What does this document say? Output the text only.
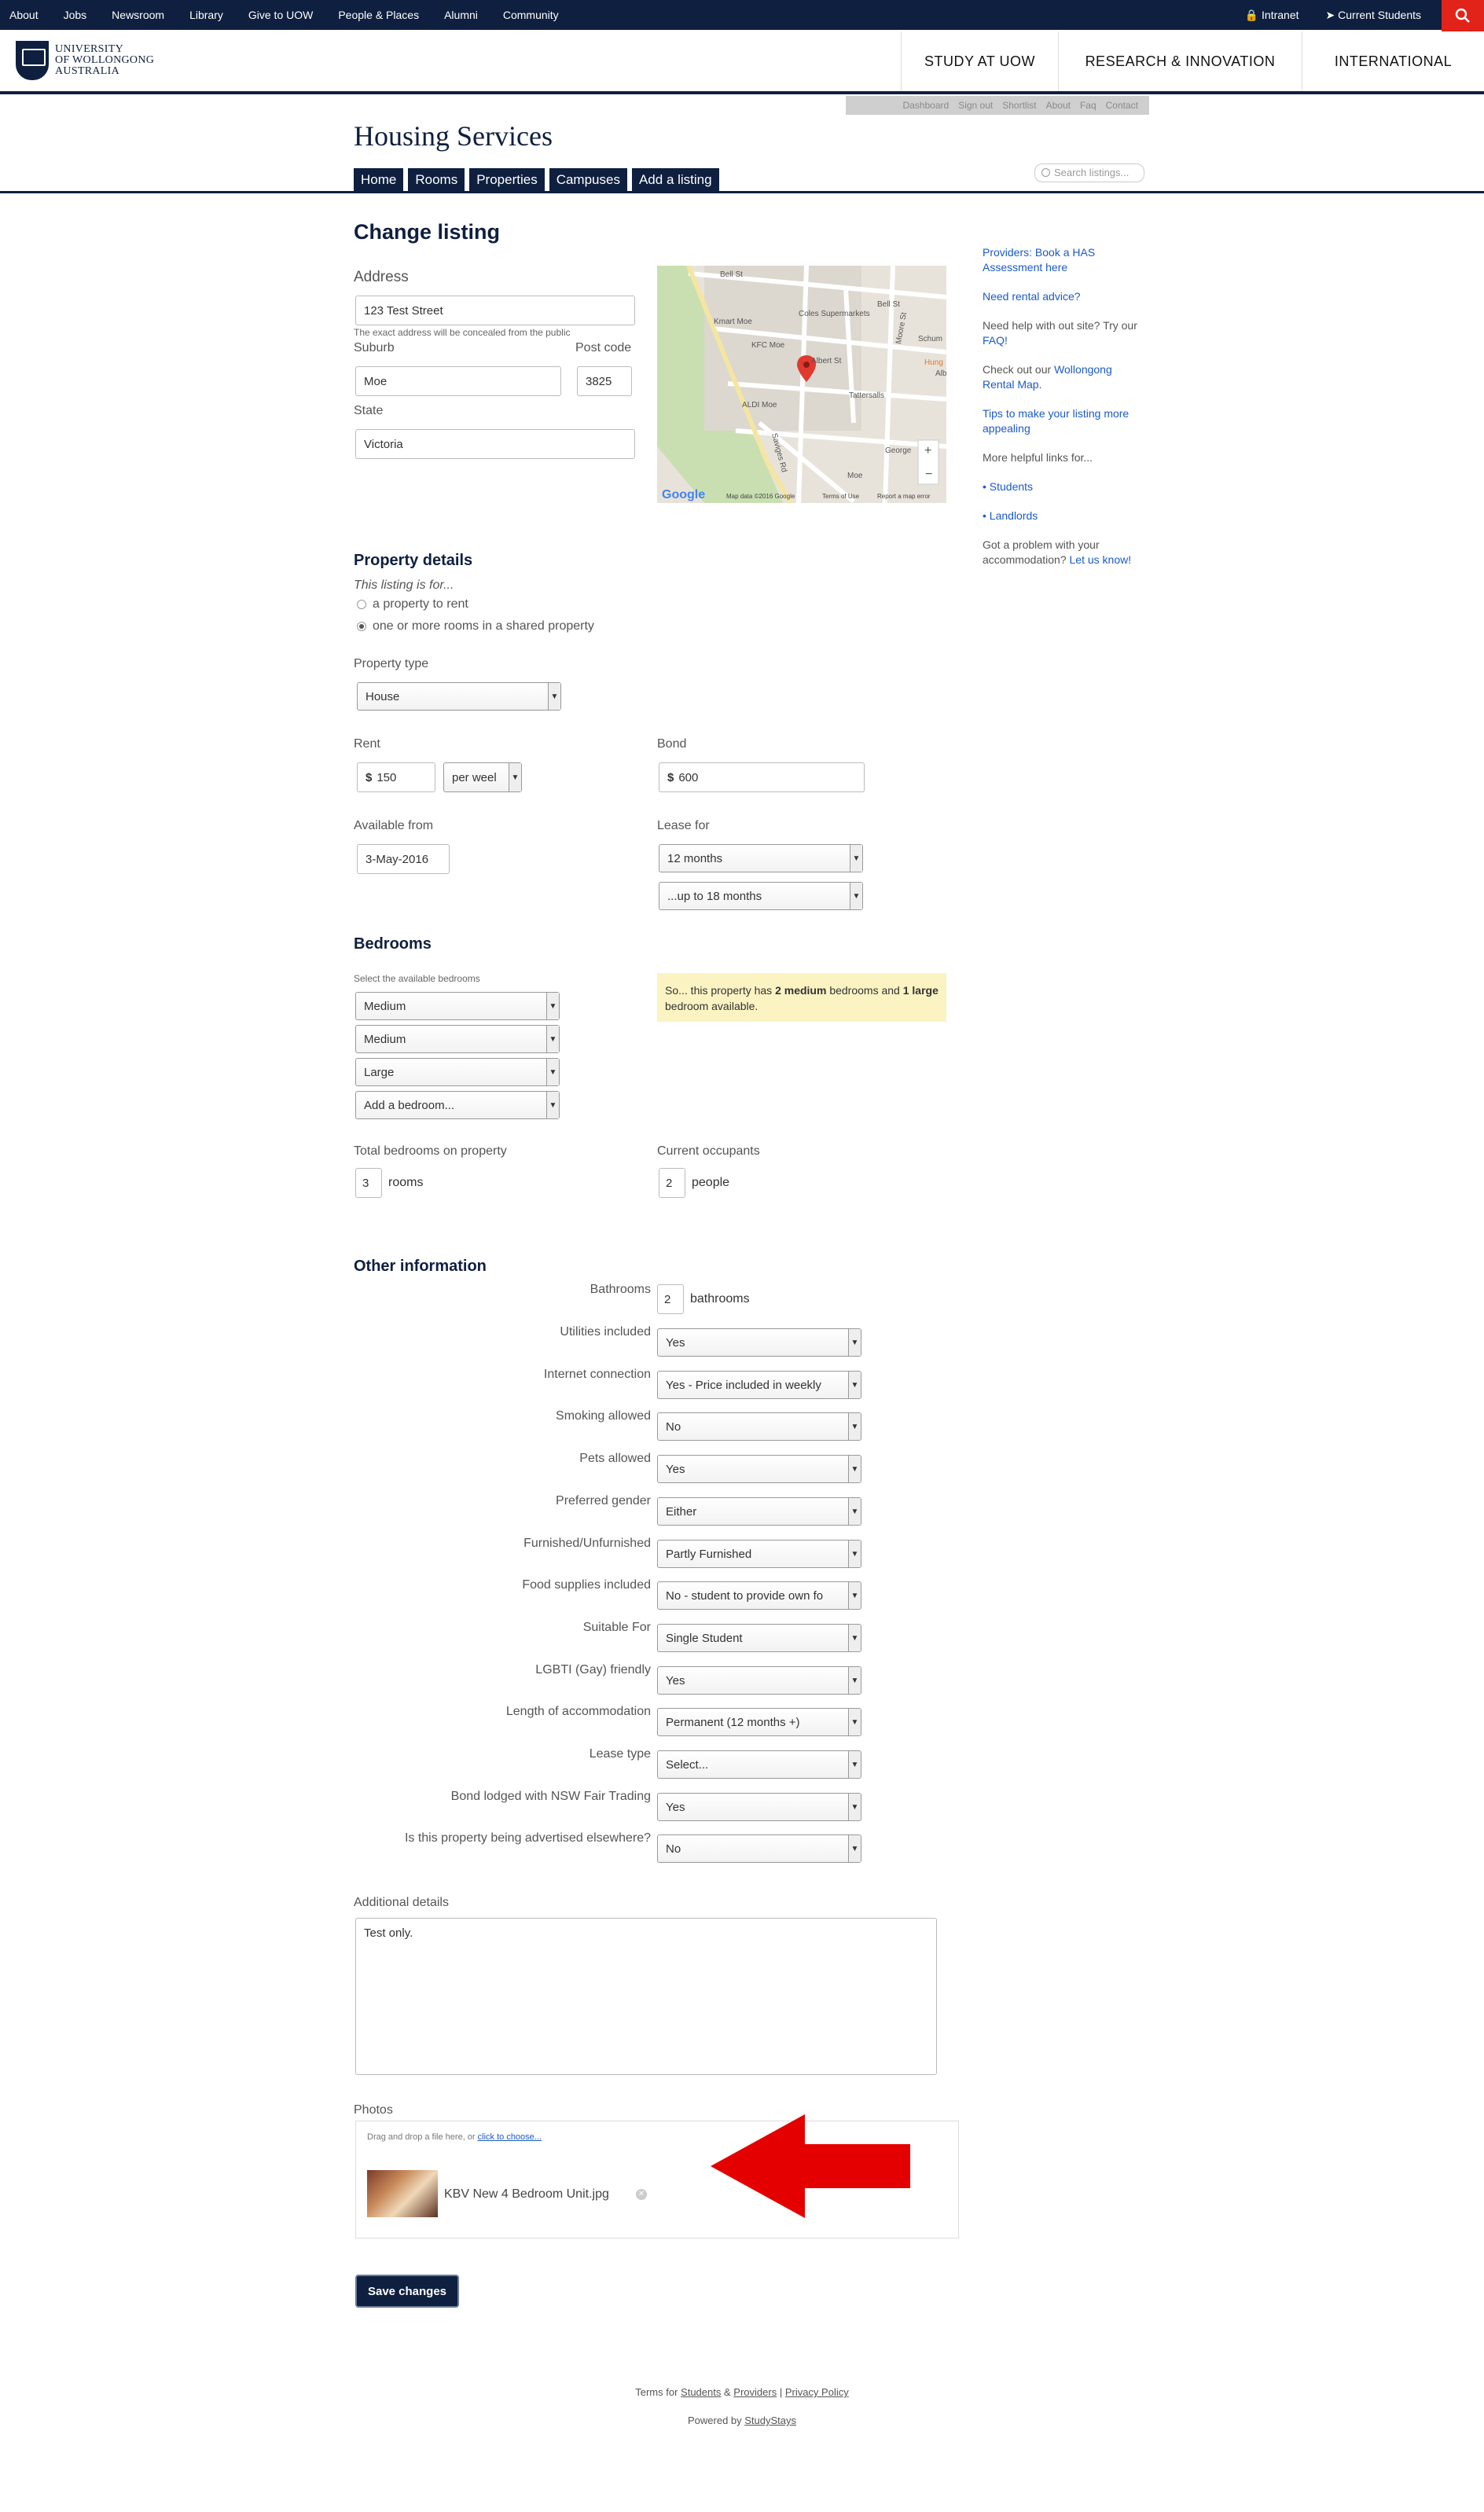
About Jobs Newsroom Library Give to UOW People & Places Alumni Community	🔒 Intranet ➤ Current Students
UNIVERSITY
OF WOLLONGONG
AUSTRALIA
STUDY AT UOW	RESEARCH & INNOVATION	INTERNATIONAL
Dashboard Sign out Shortlist About Faq Contact
Housing Services
Home	Rooms	Properties	Campuses	Add a listing	Search listings...
Change listing
Address
123 Test Street
The exact address will be concealed from the public
Suburb	Post code
Moe	3825
State
Victoria
Bell St
Bell St
Coles Supermarkets
Kmart Moe
KFC Moe
Albert St
Moore St Schum
Hung
Alb
Tattersalls
ALDI Moe
Saviges Rd	George
Moe
+
−
Google	Map data ©2016 Google	Terms of Use	Report a map error
Providers: Book a HAS Assessment here
Need rental advice?
Need help with out site? Try our FAQ!
Check out our Wollongong Rental Map.
Tips to make your listing more appealing
More helpful links for...
• Students
• Landlords
Got a problem with your accommodation? Let us know!
Property details
This listing is for...
a property to rent
one or more rooms in a shared property
Property type
House	▼
Rent
$ 150	per weel	▼
Bond
$ 600
Available from
3-May-2016
Lease for
12 months	▼
...up to 18 months	▼
Bedrooms
Select the available bedrooms
Medium	▼
Medium	▼
Large	▼
Add a bedroom...	▼
So... this property has 2 medium bedrooms and 1 large bedroom available.
Total bedrooms on property
3	rooms
Current occupants
2	people
Other information
Bathrooms
2	bathrooms
Utilities included
Yes	▼
Internet connection
Yes - Price included in weekly	▼
Smoking allowed
No	▼
Pets allowed
Yes	▼
Preferred gender
Either	▼
Furnished/Unfurnished
Partly Furnished	▼
Food supplies included
No - student to provide own fo	▼
Suitable For
Single Student	▼
LGBTI (Gay) friendly
Yes	▼
Length of accommodation
Permanent (12 months +)	▼
Lease type
Select...	▼
Bond lodged with NSW Fair Trading
Yes	▼
Is this property being advertised elsewhere?
No	▼
Additional details
Test only.
Photos
Drag and drop a file here, or click to choose...
KBV New 4 Bedroom Unit.jpg	✕
Save changes
Terms for Students & Providers | Privacy Policy
Powered by StudyStays
